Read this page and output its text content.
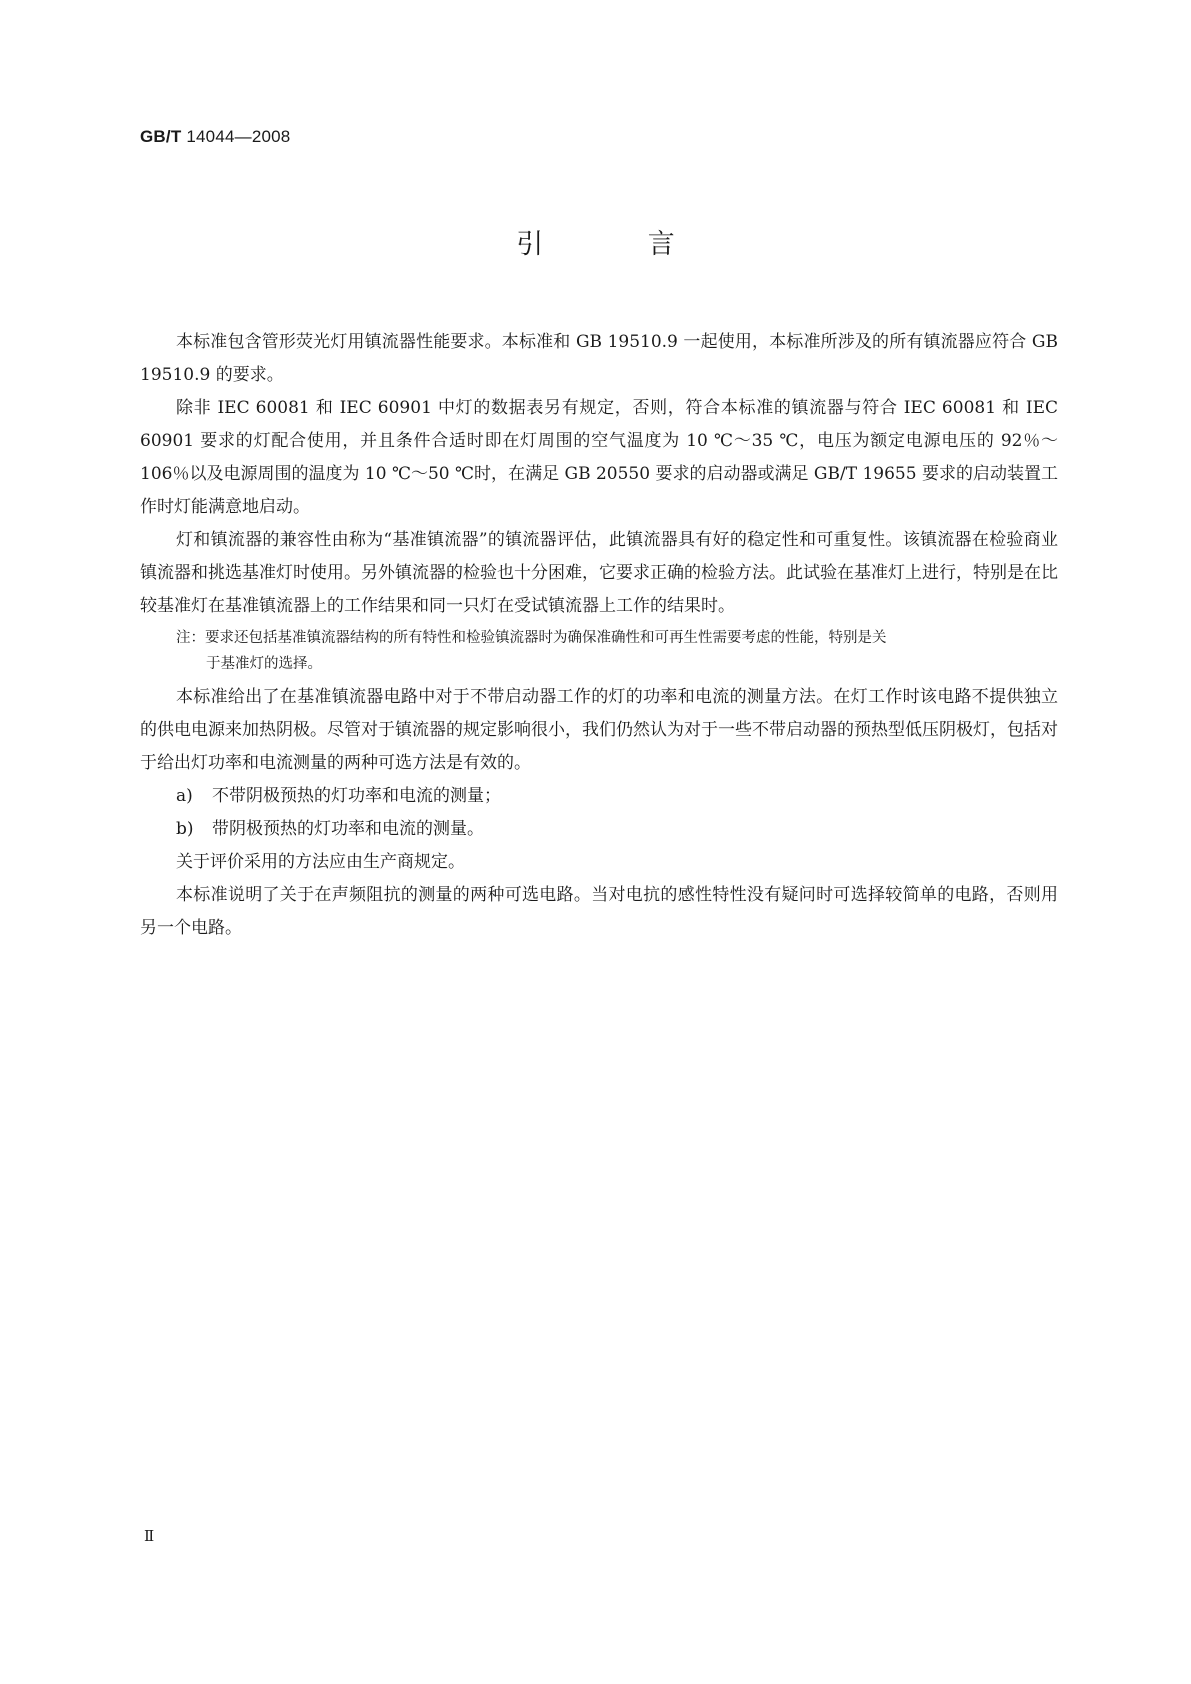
GB/T 14044—2008
引 言

本标准包含管形荧光灯用镇流器性能要求。本标准和 GB 19510.9 一起使用，本标准所涉及的所有镇流器应符合 GB 19510.9 的要求。

除非 IEC 60081 和 IEC 60901 中灯的数据表另有规定，否则，符合本标准的镇流器与符合 IEC 60081 和 IEC 60901 要求的灯配合使用，并且条件合适时即在灯周围的空气温度为 10 ℃～35 ℃，电压为额定电源电压的 92％～106％以及电源周围的温度为 10 ℃～50 ℃时，在满足 GB 20550 要求的启动器或满足 GB/T 19655 要求的启动装置工作时灯能满意地启动。

灯和镇流器的兼容性由称为“基准镇流器”的镇流器评估，此镇流器具有好的稳定性和可重复性。该镇流器在检验商业镇流器和挑选基准灯时使用。另外镇流器的检验也十分困难，它要求正确的检验方法。此试验在基准灯上进行，特别是在比较基准灯在基准镇流器上的工作结果和同一只灯在受试镇流器上工作的结果时。

注：要求还包括基准镇流器结构的所有特性和检验镇流器时为确保准确性和可再生性需要考虑的性能，特别是关
于基准灯的选择。

本标准给出了在基准镇流器电路中对于不带启动器工作的灯的功率和电流的测量方法。在灯工作时该电路不提供独立的供电电源来加热阴极。尽管对于镇流器的规定影响很小，我们仍然认为对于一些不带启动器的预热型低压阴极灯，包括对于给出灯功率和电流测量的两种可选方法是有效的。

a) 不带阴极预热的灯功率和电流的测量；

b) 带阴极预热的灯功率和电流的测量。

关于评价采用的方法应由生产商规定。

本标准说明了关于在声频阻抗的测量的两种可选电路。当对电抗的感性特性没有疑问时可选择较简单的电路，否则用另一个电路。

Ⅱ
